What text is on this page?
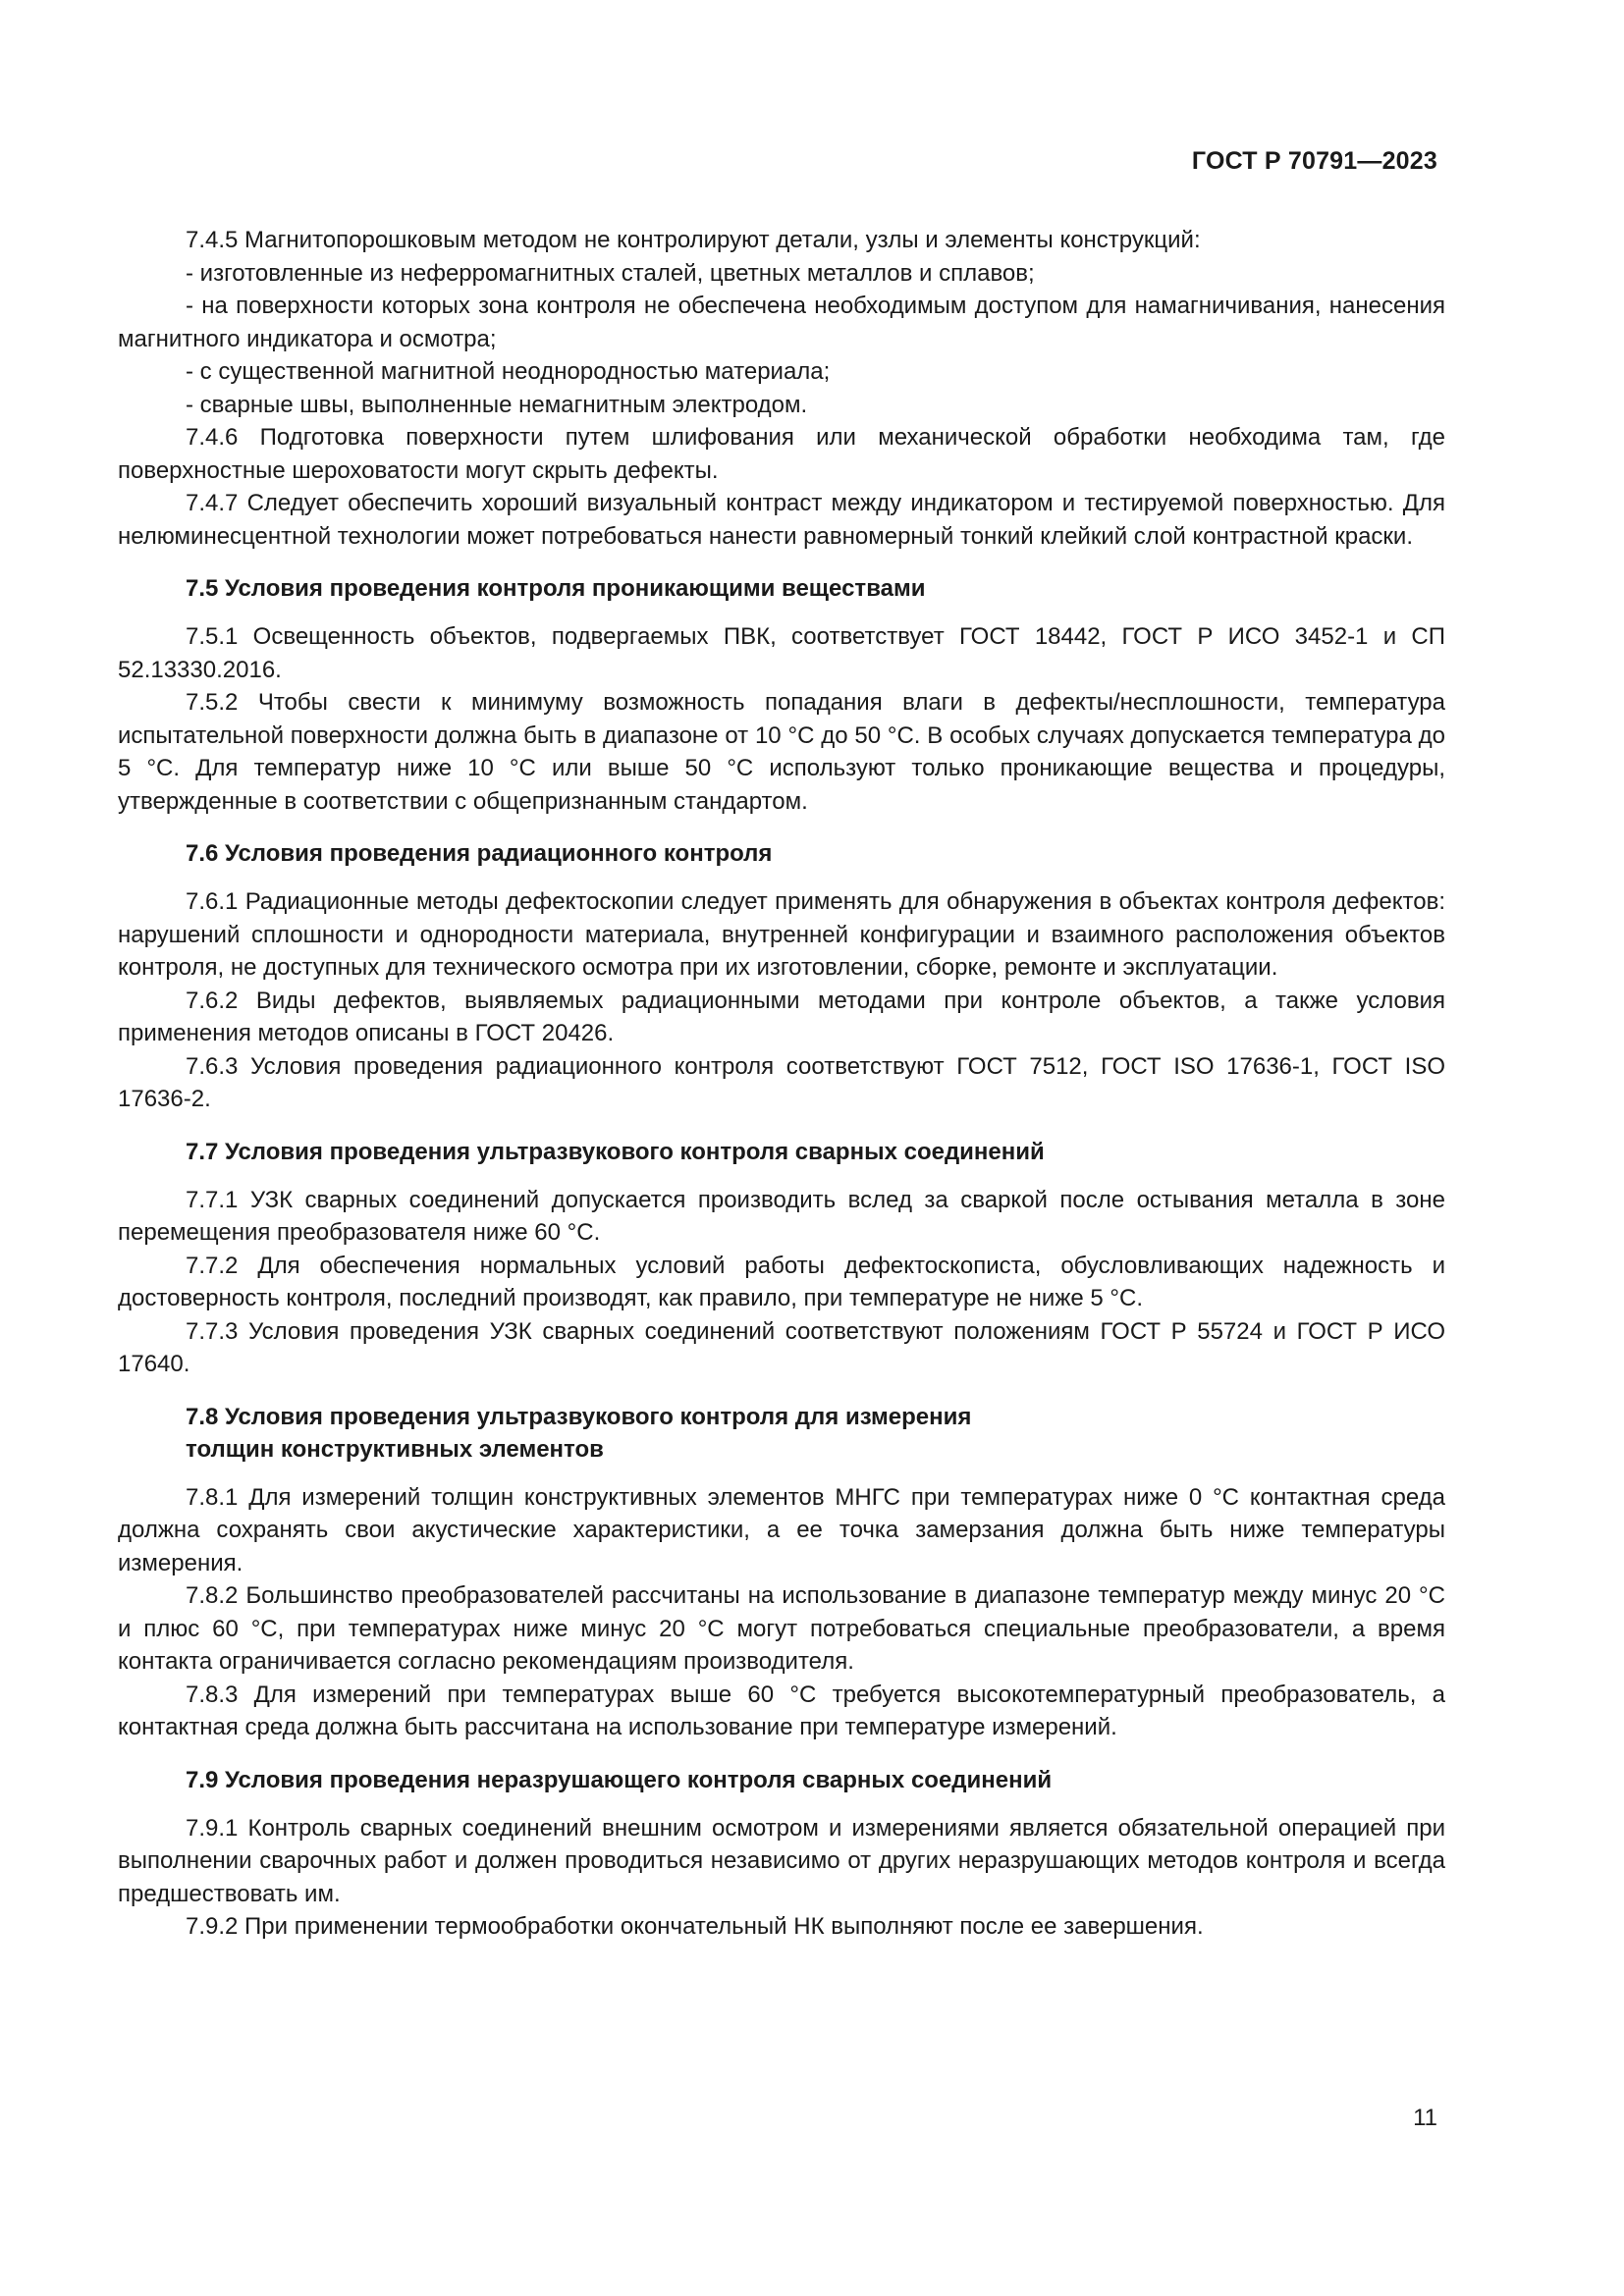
ГОСТ Р 70791—2023

7.4.5 Магнитопорошковым методом не контролируют детали, узлы и элементы конструкций:

- изготовленные из неферромагнитных сталей, цветных металлов и сплавов;

- на поверхности которых зона контроля не обеспечена необходимым доступом для намагничивания, нанесения магнитного индикатора и осмотра;

- с существенной магнитной неоднородностью материала;

- сварные швы, выполненные немагнитным электродом.

7.4.6 Подготовка поверхности путем шлифования или механической обработки необходима там, где поверхностные шероховатости могут скрыть дефекты.

7.4.7 Следует обеспечить хороший визуальный контраст между индикатором и тестируемой поверхностью. Для нелюминесцентной технологии может потребоваться нанести равномерный тонкий клейкий слой контрастной краски.

7.5 Условия проведения контроля проникающими веществами

7.5.1 Освещенность объектов, подвергаемых ПВК, соответствует ГОСТ 18442, ГОСТ Р ИСО 3452-1 и СП 52.13330.2016.

7.5.2 Чтобы свести к минимуму возможность попадания влаги в дефекты/несплошности, температура испытательной поверхности должна быть в диапазоне от 10 °С до 50 °С. В особых случаях допускается температура до 5 °С. Для температур ниже 10 °С или выше 50 °С используют только проникающие вещества и процедуры, утвержденные в соответствии с общепризнанным стандартом.

7.6 Условия проведения радиационного контроля

7.6.1 Радиационные методы дефектоскопии следует применять для обнаружения в объектах контроля дефектов: нарушений сплошности и однородности материала, внутренней конфигурации и взаимного расположения объектов контроля, не доступных для технического осмотра при их изготовлении, сборке, ремонте и эксплуатации.

7.6.2 Виды дефектов, выявляемых радиационными методами при контроле объектов, а также условия применения методов описаны в ГОСТ 20426.

7.6.3 Условия проведения радиационного контроля соответствуют ГОСТ 7512, ГОСТ ISO 17636-1, ГОСТ ISO 17636-2.

7.7 Условия проведения ультразвукового контроля сварных соединений

7.7.1 УЗК сварных соединений допускается производить вслед за сваркой после остывания металла в зоне перемещения преобразователя ниже 60 °С.

7.7.2 Для обеспечения нормальных условий работы дефектоскописта, обусловливающих надежность и достоверность контроля, последний производят, как правило, при температуре не ниже 5 °С.

7.7.3 Условия проведения УЗК сварных соединений соответствуют положениям ГОСТ Р 55724 и ГОСТ Р ИСО 17640.

7.8 Условия проведения ультразвукового контроля для измерения толщин конструктивных элементов

7.8.1 Для измерений толщин конструктивных элементов МНГС при температурах ниже 0 °С контактная среда должна сохранять свои акустические характеристики, а ее точка замерзания должна быть ниже температуры измерения.

7.8.2 Большинство преобразователей рассчитаны на использование в диапазоне температур между минус 20 °С и плюс 60 °С, при температурах ниже минус 20 °С могут потребоваться специальные преобразователи, а время контакта ограничивается согласно рекомендациям производителя.

7.8.3 Для измерений при температурах выше 60 °С требуется высокотемпературный преобразователь, а контактная среда должна быть рассчитана на использование при температуре измерений.

7.9 Условия проведения неразрушающего контроля сварных соединений

7.9.1 Контроль сварных соединений внешним осмотром и измерениями является обязательной операцией при выполнении сварочных работ и должен проводиться независимо от других неразрушающих методов контроля и всегда предшествовать им.

7.9.2 При применении термообработки окончательный НК выполняют после ее завершения.

11
